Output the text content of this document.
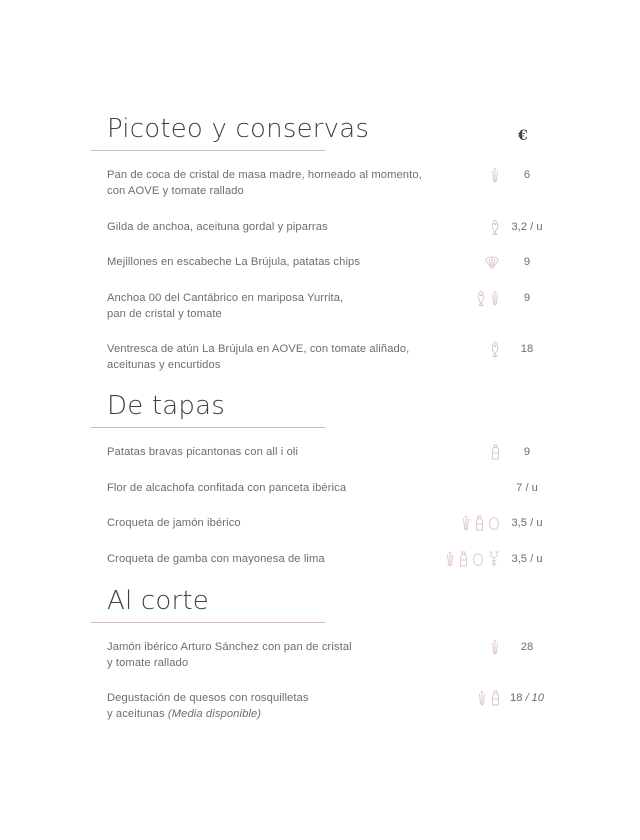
€
Picoteo y conservas
Pan de coca de cristal de masa madre, horneado al momento,
con AOVE y tomate rallado
6
Gilda de anchoa, aceituna gordal y piparras	3,2 / u
Mejillones en escabeche La Brújula, patatas chips	9
Anchoa 00 del Cantábrico en mariposa Yurrita,
pan de cristal y tomate
9
Ventresca de atún La Brújula en AOVE, con tomate aliñado,
aceitunas y encurtidos
18
De tapas
Patatas bravas picantonas con all i oli	9
Flor de alcachofa confitada con panceta ibérica	7 / u
Croqueta de jamón ibérico	3,5 / u
Croqueta de gamba con mayonesa de lima	3,5 / u
Al corte
Jamón ibérico Arturo Sánchez con pan de cristal
y tomate rallado
28
Degustación de quesos con rosquilletas
y aceitunas (Media disponible)
18 / 10
